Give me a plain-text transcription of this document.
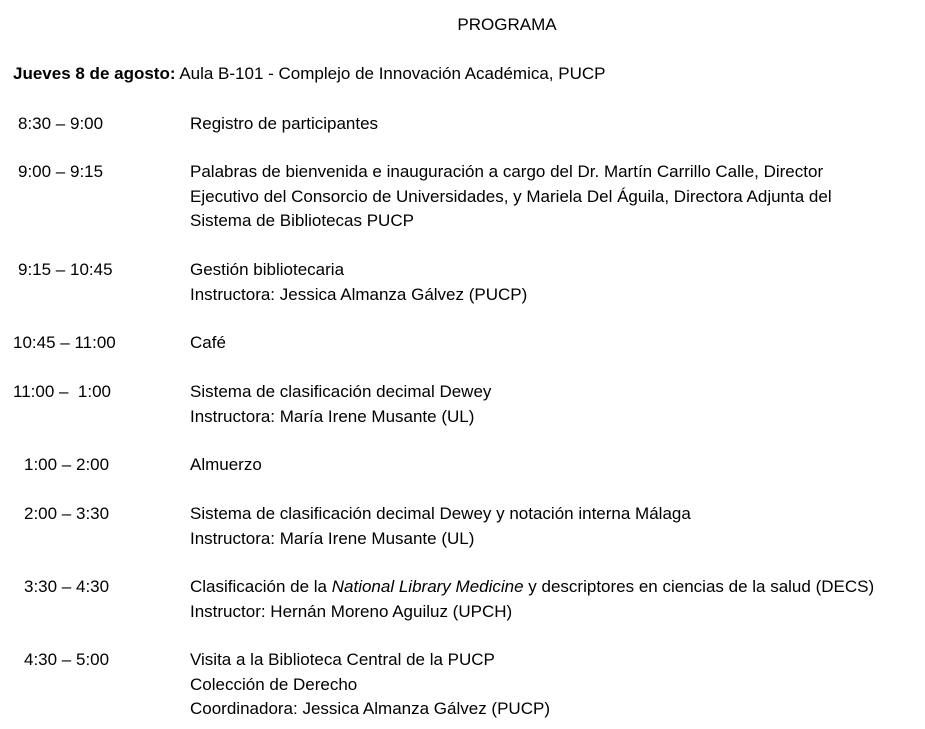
PROGRAMA
Jueves 8 de agosto: Aula B-101 - Complejo de Innovación Académica, PUCP
8:30 – 9:00	Registro de participantes
9:00 – 9:15	Palabras de bienvenida e inauguración a cargo del Dr. Martín Carrillo Calle, Director
Ejecutivo del Consorcio de Universidades, y Mariela Del Águila, Directora Adjunta del
Sistema de Bibliotecas PUCP
9:15 – 10:45	Gestión bibliotecaria
Instructora: Jessica Almanza Gálvez (PUCP)
10:45 – 11:00	Café
11:00 –  1:00	Sistema de clasificación decimal Dewey
Instructora: María Irene Musante (UL)
1:00 – 2:00	Almuerzo
2:00 – 3:30	Sistema de clasificación decimal Dewey y notación interna Málaga
Instructora: María Irene Musante (UL)
3:30 – 4:30	Clasificación de la National Library Medicine y descriptores en ciencias de la salud (DECS)
Instructor: Hernán Moreno Aguiluz (UPCH)
4:30 – 5:00	Visita a la Biblioteca Central de la PUCP
Colección de Derecho
Coordinadora: Jessica Almanza Gálvez (PUCP)
